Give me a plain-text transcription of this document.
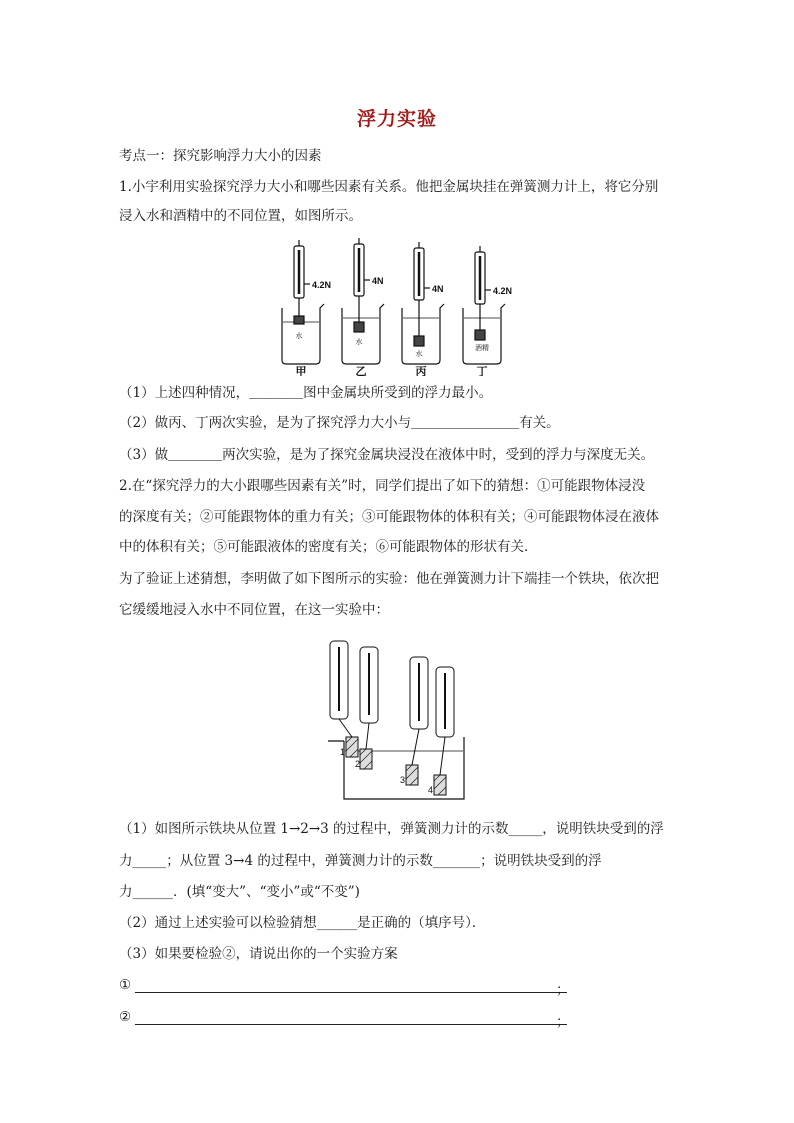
浮力实验
考点一：探究影响浮力大小的因素
1.小宇利用实验探究浮力大小和哪些因素有关系。他把金属块挂在弹簧测力计上，将它分别
浸入水和酒精中的不同位置，如图所示。
4.2N	4N
4N	4.2N
水
水
水
酒精
甲	乙	丙	丁
（1）上述四种情况，＿＿＿＿图中金属块所受到的浮力最小。
（2）做丙、丁两次实验，是为了探究浮力大小与＿＿＿＿＿＿＿＿有关。
（3）做＿＿＿＿两次实验，是为了探究金属块浸没在液体中时，受到的浮力与深度无关。
2.在“探究浮力的大小跟哪些因素有关”时，同学们提出了如下的猜想：①可能跟物体浸没
的深度有关；②可能跟物体的重力有关；③可能跟物体的体积有关；④可能跟物体浸在液体
中的体积有关；⑤可能跟液体的密度有关；⑥可能跟物体的形状有关．
为了验证上述猜想，李明做了如下图所示的实验：他在弹簧测力计下端挂一个铁块，依次把
它缓缓地浸入水中不同位置，在这一实验中：
1
2
3
4
（1）如图所示铁块从位置 1→2→3 的过程中，弹簧测力计的示数_____，说明铁块受到的浮
力_____；从位置 3→4 的过程中，弹簧测力计的示数_______；说明铁块受到的浮
力______．(填“变大”、“变小”或“不变”)
（2）通过上述实验可以检验猜想______是正确的（填序号）．
（3）如果要检验②，请说出你的一个实验方案
①	；
②	；
